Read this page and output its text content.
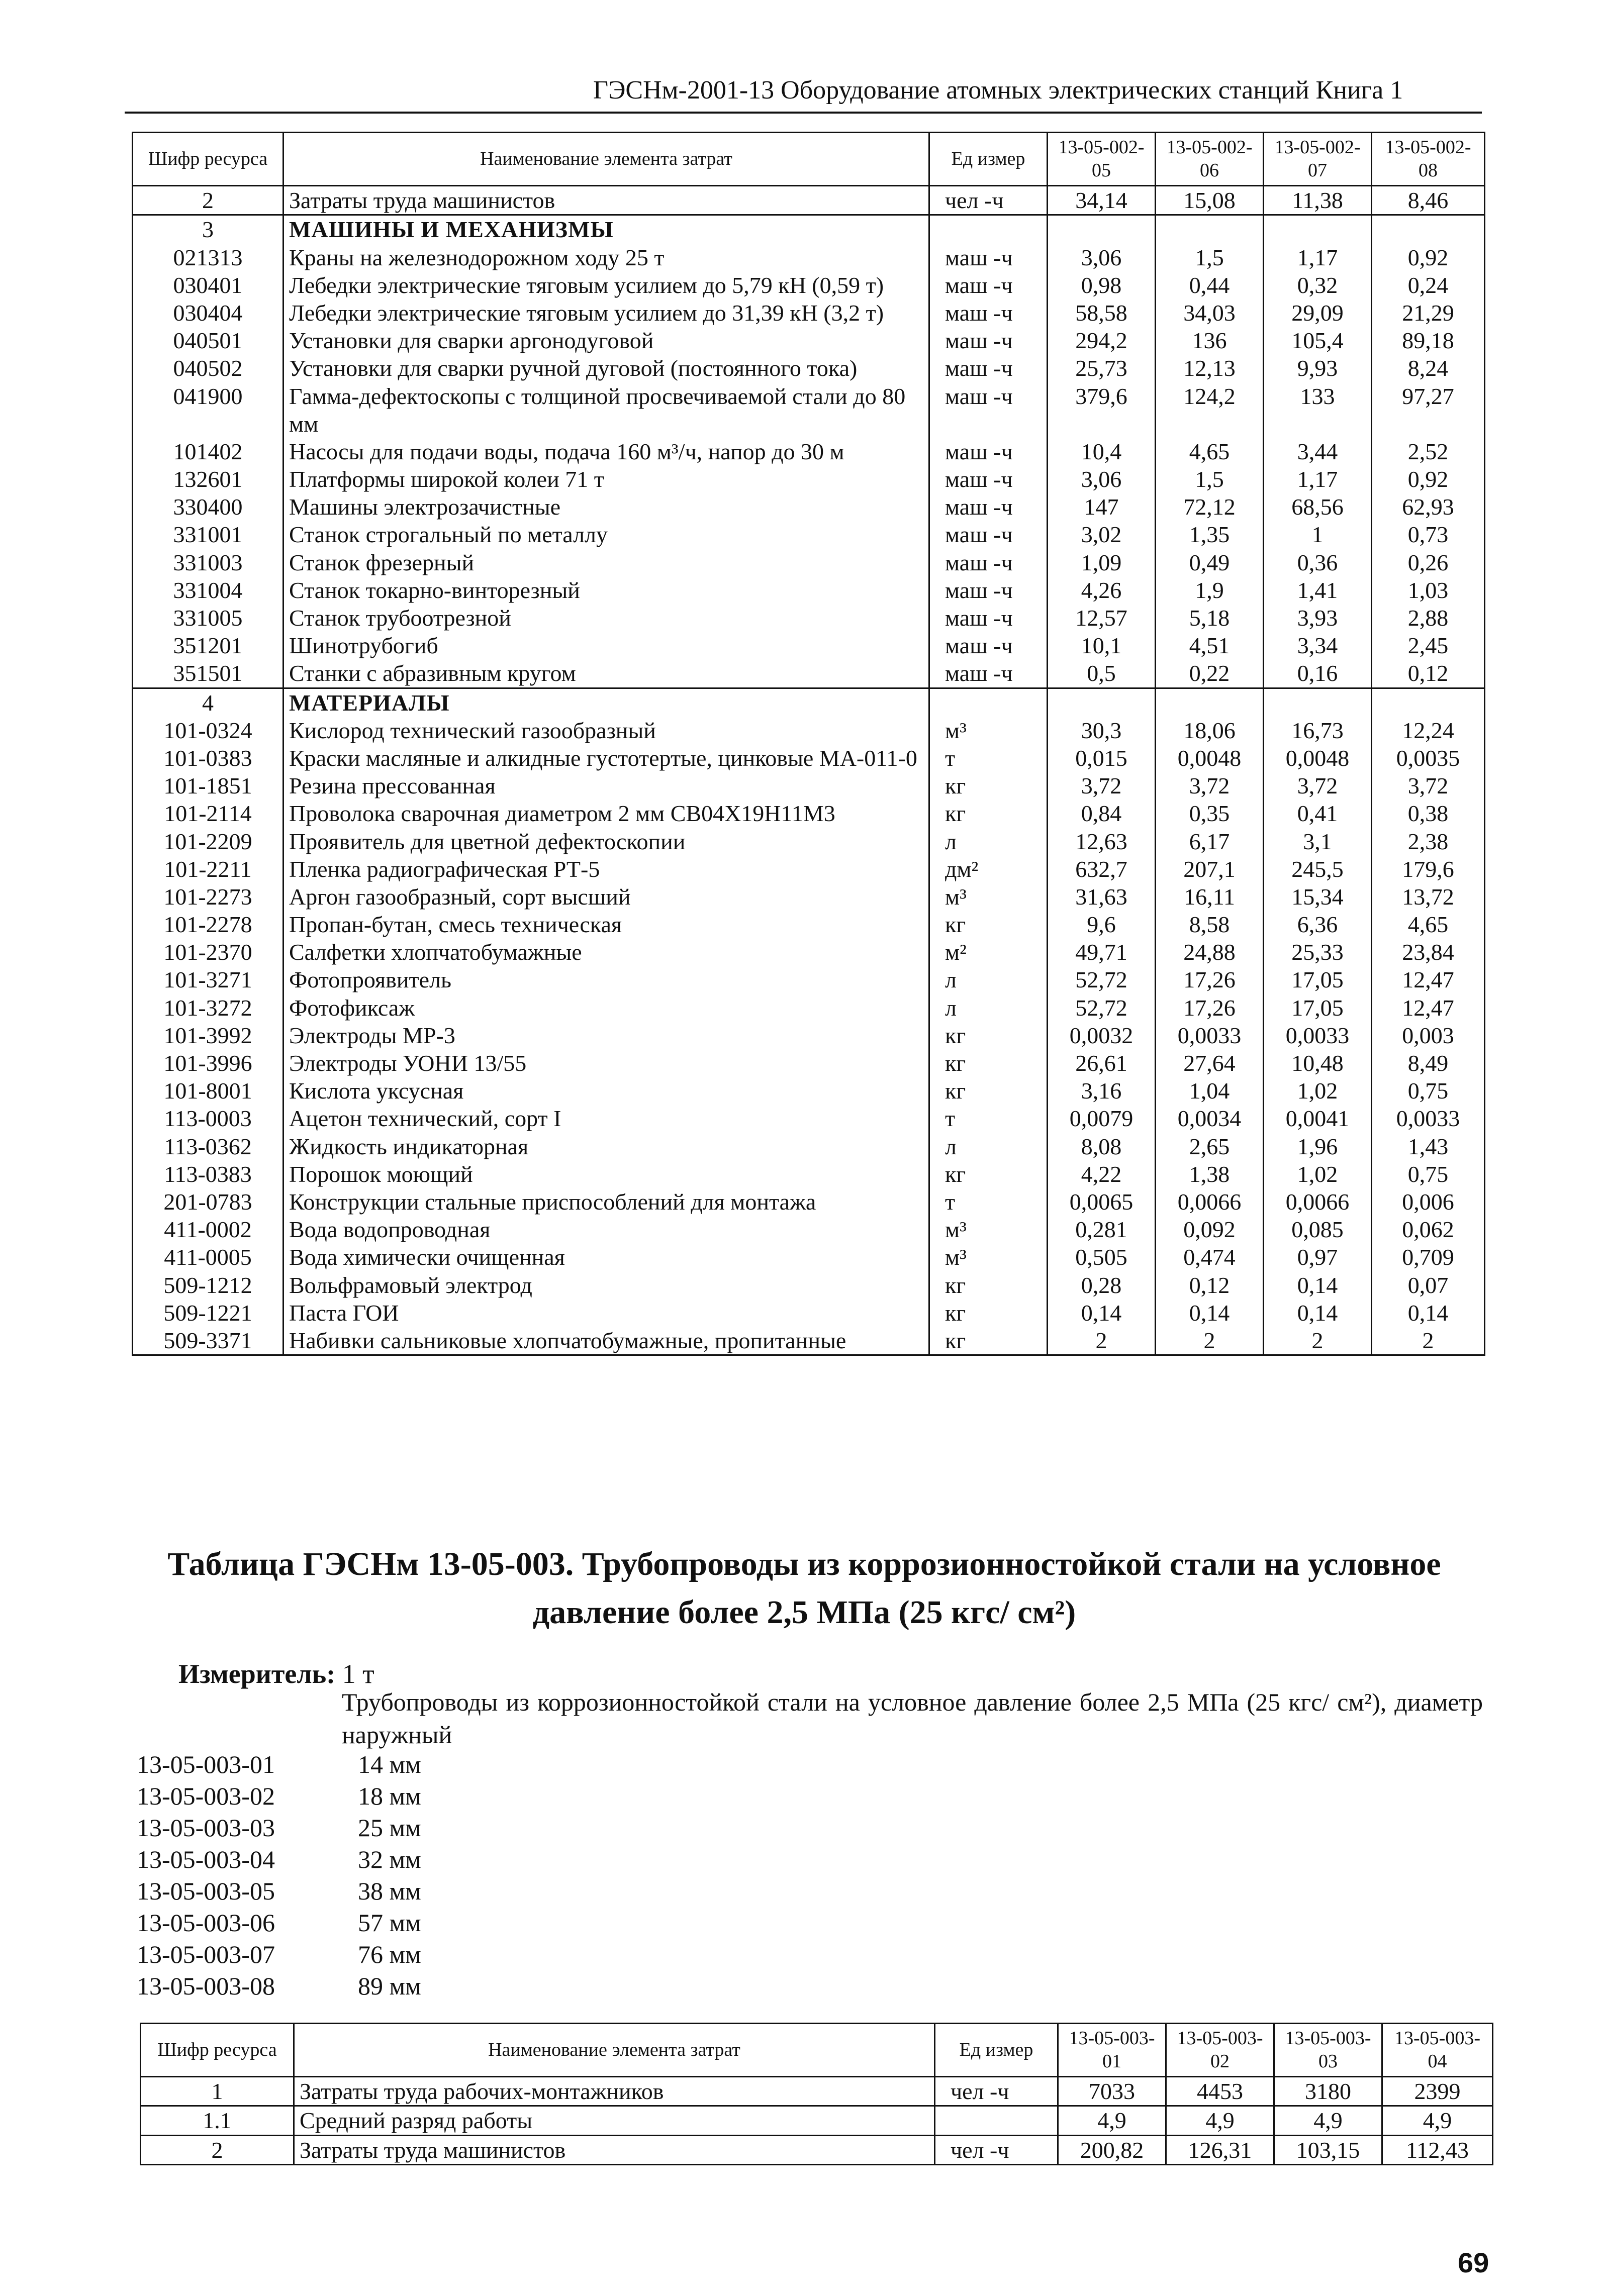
ГЭСНм-2001-13 Оборудование атомных электрических станций Книга 1
Шифр ресурса	Наименование элемента затрат	Ед измер	13-05-002-05	13-05-002-06	13-05-002-07	13-05-002-08
2	Затраты труда машинистов	чел -ч	34,14	15,08	11,38	8,46
3	МАШИНЫ И МЕХАНИЗМЫ					
021313	Краны на железнодорожном ходу 25 т	маш -ч	3,06	1,5	1,17	0,92
030401	Лебедки электрические тяговым усилием до 5,79 кН (0,59 т)	маш -ч	0,98	0,44	0,32	0,24
030404	Лебедки электрические тяговым усилием до 31,39 кН (3,2 т)	маш -ч	58,58	34,03	29,09	21,29
040501	Установки для сварки аргонодуговой	маш -ч	294,2	136	105,4	89,18
040502	Установки для сварки ручной дуговой (постоянного тока)	маш -ч	25,73	12,13	9,93	8,24
041900	Гамма-дефектоскопы с толщиной просвечиваемой стали до 80 мм	маш -ч	379,6	124,2	133	97,27
101402	Насосы для подачи воды, подача 160 м³/ч, напор до 30 м	маш -ч	10,4	4,65	3,44	2,52
132601	Платформы широкой колеи 71 т	маш -ч	3,06	1,5	1,17	0,92
330400	Машины электрозачистные	маш -ч	147	72,12	68,56	62,93
331001	Станок строгальный по металлу	маш -ч	3,02	1,35	1	0,73
331003	Станок фрезерный	маш -ч	1,09	0,49	0,36	0,26
331004	Станок токарно-винторезный	маш -ч	4,26	1,9	1,41	1,03
331005	Станок трубоотрезной	маш -ч	12,57	5,18	3,93	2,88
351201	Шинотрубогиб	маш -ч	10,1	4,51	3,34	2,45
351501	Станки с абразивным кругом	маш -ч	0,5	0,22	0,16	0,12
4	МАТЕРИАЛЫ					
101-0324	Кислород технический газообразный	м³	30,3	18,06	16,73	12,24
101-0383	Краски масляные и алкидные густотертые, цинковые МА-011-0	т	0,015	0,0048	0,0048	0,0035
101-1851	Резина прессованная	кг	3,72	3,72	3,72	3,72
101-2114	Проволока сварочная диаметром 2 мм СВ04Х19Н11М3	кг	0,84	0,35	0,41	0,38
101-2209	Проявитель для цветной дефектоскопии	л	12,63	6,17	3,1	2,38
101-2211	Пленка радиографическая РТ-5	дм²	632,7	207,1	245,5	179,6
101-2273	Аргон газообразный, сорт высший	м³	31,63	16,11	15,34	13,72
101-2278	Пропан-бутан, смесь техническая	кг	9,6	8,58	6,36	4,65
101-2370	Салфетки хлопчатобумажные	м²	49,71	24,88	25,33	23,84
101-3271	Фотопроявитель	л	52,72	17,26	17,05	12,47
101-3272	Фотофиксаж	л	52,72	17,26	17,05	12,47
101-3992	Электроды МР-3	кг	0,0032	0,0033	0,0033	0,003
101-3996	Электроды УОНИ 13/55	кг	26,61	27,64	10,48	8,49
101-8001	Кислота уксусная	кг	3,16	1,04	1,02	0,75
113-0003	Ацетон технический, сорт I	т	0,0079	0,0034	0,0041	0,0033
113-0362	Жидкость индикаторная	л	8,08	2,65	1,96	1,43
113-0383	Порошок моющий	кг	4,22	1,38	1,02	0,75
201-0783	Конструкции стальные приспособлений для монтажа	т	0,0065	0,0066	0,0066	0,006
411-0002	Вода водопроводная	м³	0,281	0,092	0,085	0,062
411-0005	Вода химически очищенная	м³	0,505	0,474	0,97	0,709
509-1212	Вольфрамовый электрод	кг	0,28	0,12	0,14	0,07
509-1221	Паста ГОИ	кг	0,14	0,14	0,14	0,14
509-3371	Набивки сальниковые хлопчатобумажные, пропитанные	кг	2	2	2	2
Таблица ГЭСНм 13-05-003. Трубопроводы из коррозионностойкой стали на условное
давление более 2,5 МПа (25 кгс/ см²)
Измеритель: 1 т
Трубопроводы из коррозионностойкой стали на условное давление более 2,5 МПа (25 кгс/ см²), диаметр наружный
13-05-003-01	14 мм
13-05-003-02	18 мм
13-05-003-03	25 мм
13-05-003-04	32 мм
13-05-003-05	38 мм
13-05-003-06	57 мм
13-05-003-07	76 мм
13-05-003-08	89 мм
Шифр ресурса	Наименование элемента затрат	Ед измер	13-05-003-01	13-05-003-02	13-05-003-03	13-05-003-04
1	Затраты труда рабочих-монтажников	чел -ч	7033	4453	3180	2399
1.1	Средний разряд работы		4,9	4,9	4,9	4,9
2	Затраты труда машинистов	чел -ч	200,82	126,31	103,15	112,43
69
